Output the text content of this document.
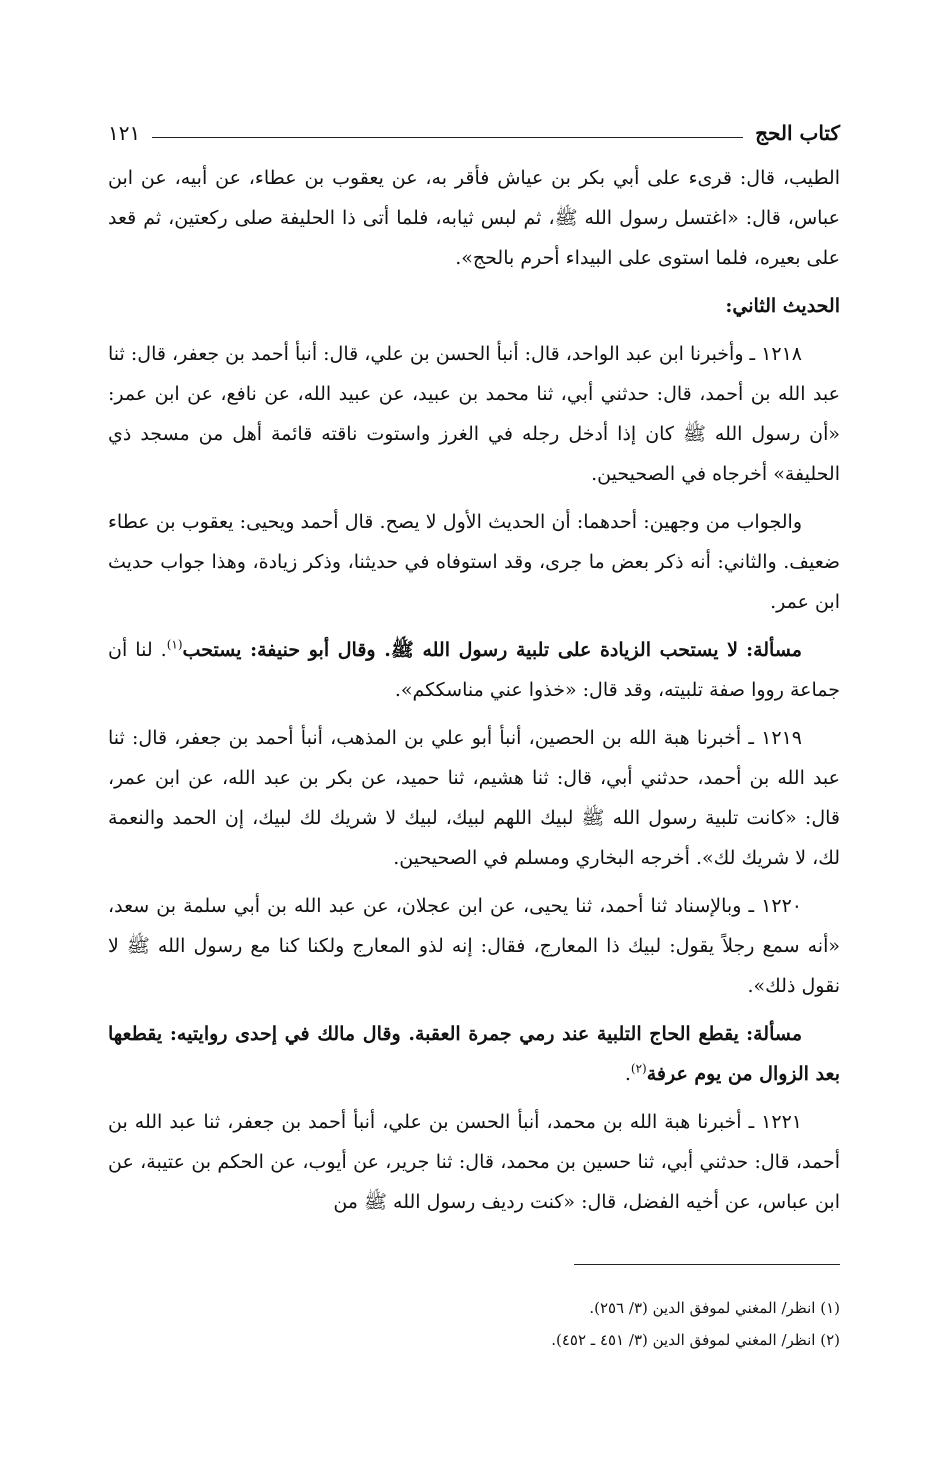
كتاب الحج
١٢١

الطيب، قال: قرىء على أبي بكر بن عياش فأقر به، عن يعقوب بن عطاء، عن أبيه، عن ابن عباس، قال: «اغتسل رسول الله ﷺ، ثم لبس ثيابه، فلما أتى ذا الحليفة صلى ركعتين، ثم قعد على بعيره، فلما استوى على البيداء أحرم بالحج».

الحديث الثاني:

١٢١٨ ـ وأخبرنا ابن عبد الواحد، قال: أنبأ الحسن بن علي، قال: أنبأ أحمد بن جعفر، قال: ثنا عبد الله بن أحمد، قال: حدثني أبي، ثنا محمد بن عبيد، عن عبيد الله، عن نافع، عن ابن عمر: «أن رسول الله ﷺ كان إذا أدخل رجله في الغرز واستوت ناقته قائمة أهل من مسجد ذي الحليفة» أخرجاه في الصحيحين.

والجواب من وجهين: أحدهما: أن الحديث الأول لا يصح. قال أحمد ويحيى: يعقوب بن عطاء ضعيف. والثاني: أنه ذكر بعض ما جرى، وقد استوفاه في حديثنا، وذكر زيادة، وهذا جواب حديث ابن عمر.

مسألة: لا يستحب الزيادة على تلبية رسول الله ﷺ. وقال أبو حنيفة: يستحب$^{(١)}$. لنا أن جماعة رووا صفة تلبيته، وقد قال: «خذوا عني مناسككم».

١٢١٩ ـ أخبرنا هبة الله بن الحصين، أنبأ أبو علي بن المذهب، أنبأ أحمد بن جعفر، قال: ثنا عبد الله بن أحمد، حدثني أبي، قال: ثنا هشيم، ثنا حميد، عن بكر بن عبد الله، عن ابن عمر، قال: «كانت تلبية رسول الله ﷺ لبيك اللهم لبيك، لبيك لا شريك لك لبيك، إن الحمد والنعمة لك، لا شريك لك». أخرجه البخاري ومسلم في الصحيحين.

١٢٢٠ ـ وبالإسناد ثنا أحمد، ثنا يحيى، عن ابن عجلان، عن عبد الله بن أبي سلمة بن سعد، «أنه سمع رجلاً يقول: لبيك ذا المعارج، فقال: إنه لذو المعارج ولكنا كنا مع رسول الله ﷺ لا نقول ذلك».

مسألة: يقطع الحاج التلبية عند رمي جمرة العقبة. وقال مالك في إحدى روايتيه: يقطعها بعد الزوال من يوم عرفة$^{(٢)}$.

١٢٢١ ـ أخبرنا هبة الله بن محمد، أنبأ الحسن بن علي، أنبأ أحمد بن جعفر، ثنا عبد الله بن أحمد، قال: حدثني أبي، ثنا حسين بن محمد، قال: ثنا جرير، عن أيوب، عن الحكم بن عتيبة، عن ابن عباس، عن أخيه الفضل، قال: «كنت رديف رسول الله ﷺ من

(١) انظر/ المغني لموفق الدين (٣/ ٢٥٦).
(٢) انظر/ المغني لموفق الدين (٣/ ٤٥١ ـ ٤٥٢).
